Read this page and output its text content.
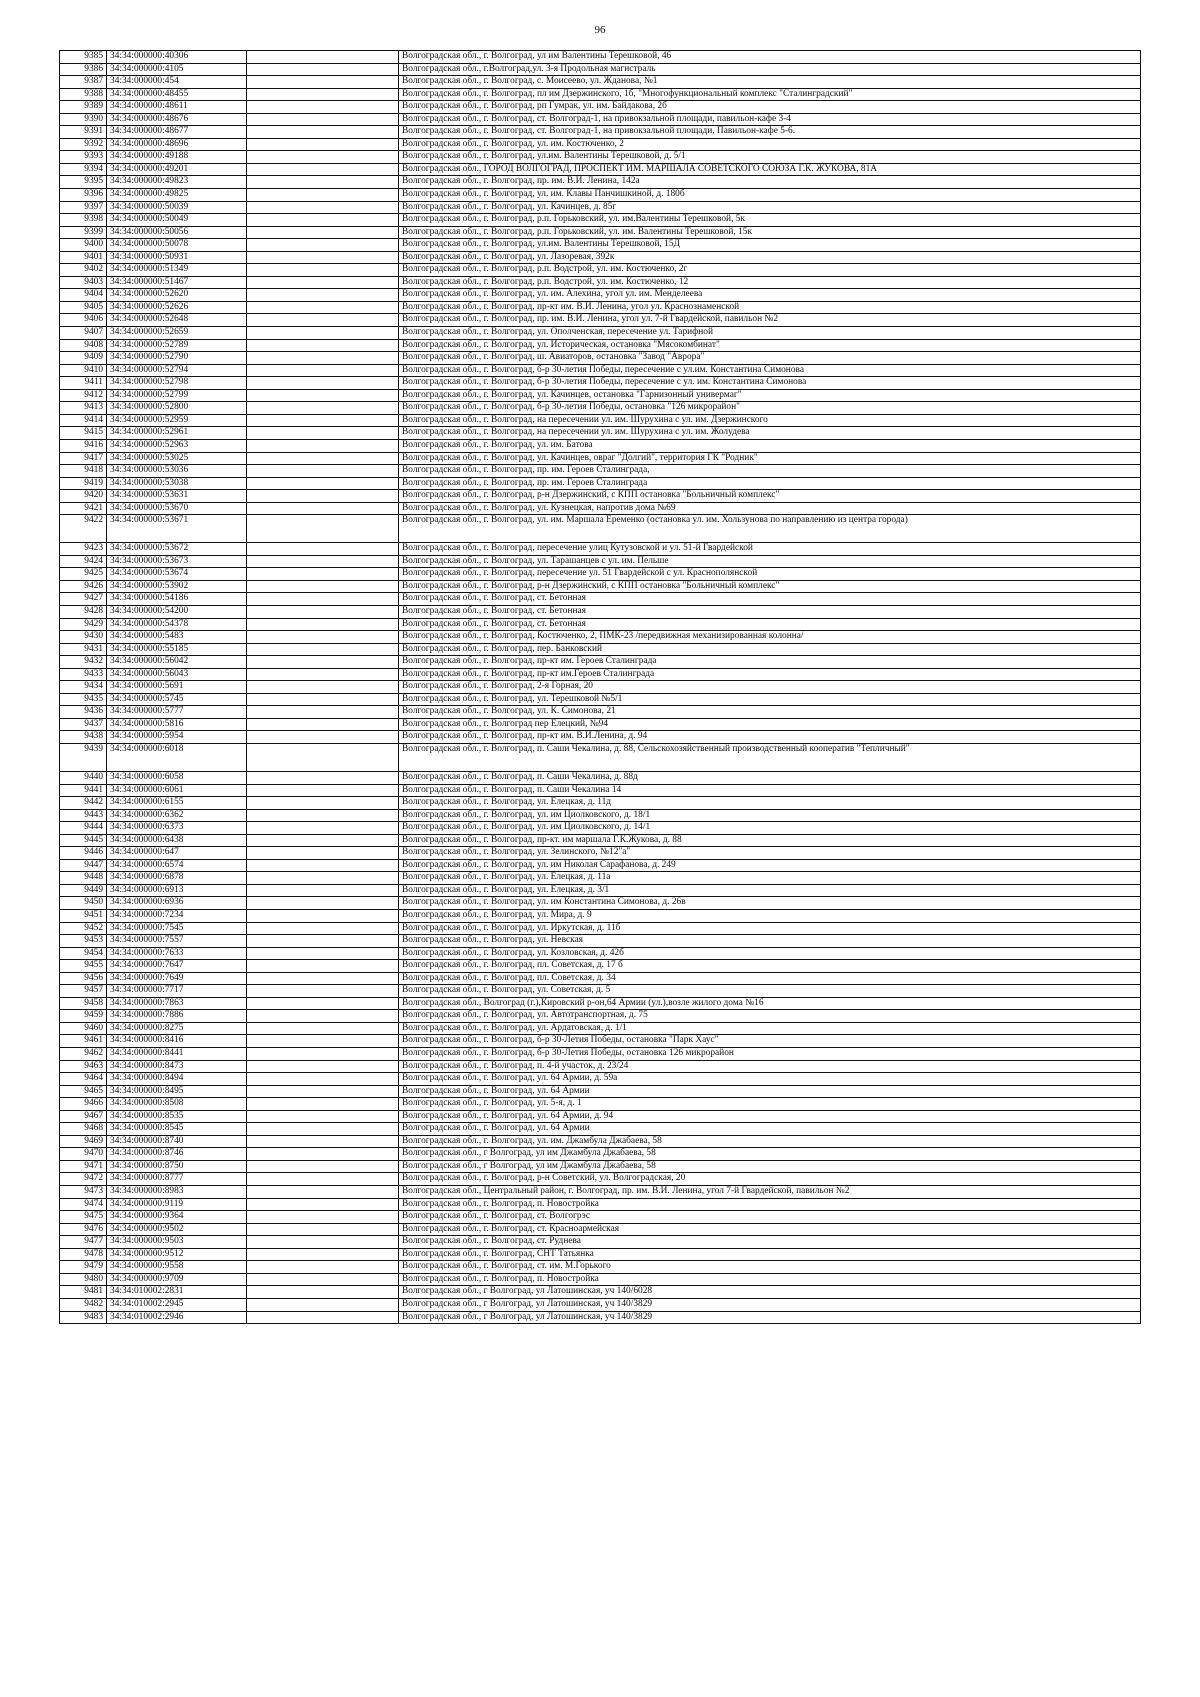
96
9385	34:34:000000:40306		Волгоградская обл., г. Волгоград, ул им Валентины Терешковой, 46
9386	34:34:000000:4105		Волгоградская обл., г.Волгоград,ул. 3-я Продольная магистраль
9387	34:34:000000:454		Волгоградская обл., г. Волгоград, с. Моисеево, ул. Жданова, №1
9388	34:34:000000:48455		Волгоградская обл., г. Волгоград, пл им Дзержинского, 1б, "Многофункциональный комплекс "Сталинградский"
9389	34:34:000000:48611		Волгоградская обл., г. Волгоград, рп Гумрак, ул. им. Байдакова, 2б
9390	34:34:000000:48676		Волгоградская обл., г. Волгоград, ст. Волгоград-1, на привокзальной площади, павильон-кафе 3-4
9391	34:34:000000:48677		Волгоградская обл., г. Волгоград, ст. Волгоград-1, на привокзальной площади, Павильон-кафе 5-6.
9392	34:34:000000:48696		Волгоградская обл., г. Волгоград, ул. им. Костюченко, 2
9393	34:34:000000:49188		Волгоградская обл., г. Волгоград, ул.им. Валентины Терешковой, д. 5/1
9394	34:34:000000:49201		Волгоградская обл., ГОРОД ВОЛГОГРАД, ПРОСПЕКТ ИМ. МАРШАЛА СОВЕТСКОГО СОЮЗА Г.К. ЖУКОВА, 81А
9395	34:34:000000:49823		Волгоградская обл., г. Волгоград, пр. им. В.И. Ленина, 142а
9396	34:34:000000:49825		Волгоградская обл., г. Волгоград, ул. им. Клавы Панчишкиной, д. 180б
9397	34:34:000000:50039		Волгоградская обл., г. Волгоград, ул. Качинцев, д. 85г
9398	34:34:000000:50049		Волгоградская обл., г. Волгоград, р.п. Горьковский, ул. им.Валентины Терешковой, 5к
9399	34:34:000000:50056		Волгоградская обл., г. Волгоград, р.п. Горьковский, ул. им. Валентины Терешковой, 15к
9400	34:34:000000:50078		Волгоградская обл., г. Волгоград, ул.им. Валентины Терешковой, 15Д
9401	34:34:000000:50931		Волгоградская обл., г. Волгоград, ул. Лазоревая, 392к
9402	34:34:000000:51349		Волгоградская обл., г. Волгоград, р.п. Водстрой, ул. им. Костюченко, 2г
9403	34:34:000000:51467		Волгоградская обл., г. Волгоград, р.п. Водстрой, ул. им. Костюченко, 12
9404	34:34:000000:52620		Волгоградская обл., г. Волгоград, ул. им. Алехина, угол ул. им. Менделеева
9405	34:34:000000:52626		Волгоградская обл., г. Волгоград, пр-кт им. В.И. Ленина, угол ул. Краснознаменской
9406	34:34:000000:52648		Волгоградская обл., г. Волгоград, пр. им. В.И. Ленина, угол ул. 7-й Гвардейской, павильон №2
9407	34:34:000000:52659		Волгоградская обл., г. Волгоград, ул. Ополченская, пересечение ул. Тарифной
9408	34:34:000000:52789		Волгоградская обл., г. Волгоград, ул. Историческая, остановка "Мясокомбинат"
9409	34:34:000000:52790		Волгоградская обл., г. Волгоград, ш. Авиаторов, остановка "Завод "Аврора"
9410	34:34:000000:52794		Волгоградская обл., г. Волгоград, б-р 30-летия Победы, пересечение с ул.им. Константина Симонова
9411	34:34:000000:52798		Волгоградская обл., г. Волгоград, б-р 30-летия Победы, пересечение с ул. им. Константина Симонова
9412	34:34:000000:52799		Волгоградская обл., г. Волгоград, ул. Качинцев, остановка "Гарнизонный универмаг"
9413	34:34:000000:52800		Волгоградская обл., г. Волгоград, б-р 30-летия Победы, остановка "126 микрорайон"
9414	34:34:000000:52959		Волгоградская обл., г. Волгоград, на пересечении ул. им. Шурухина с ул. им. Дзержинского
9415	34:34:000000:52961		Волгоградская обл., г. Волгоград, на пересечении ул. им. Шурухина с ул. им. Жолудева
9416	34:34:000000:52963		Волгоградская обл., г. Волгоград, ул. им. Батова
9417	34:34:000000:53025		Волгоградская обл., г. Волгоград, ул. Качинцев, овраг "Долгий", территория ГК "Родник"
9418	34:34:000000:53036		Волгоградская обл., г. Волгоград, пр. им. Героев Сталинграда,
9419	34:34:000000:53038		Волгоградская обл., г. Волгоград, пр. им. Героев Сталинграда
9420	34:34:000000:53631		Волгоградская обл., г. Волгоград, р-н Дзержинский, с КПП остановка "Больничный комплекс"
9421	34:34:000000:53670		Волгоградская обл., г. Волгоград, ул. Кузнецкая, напротив дома №69
9422	34:34:000000:53671		Волгоградская обл., г. Волгоград, ул. им. Маршала Еременко (остановка ул. им. Хользунова по направлению из центра города)
9423	34:34:000000:53672		Волгоградская обл., г. Волгоград, пересечение улиц Кутузовской и ул. 51-й Гвардейской
9424	34:34:000000:53673		Волгоградская обл., г. Волгоград, ул. Тарашанцев с ул. им. Пельше
9425	34:34:000000:53674		Волгоградская обл., г. Волгоград, пересечение ул. 51 Гвардейской с ул. Краснополянской
9426	34:34:000000:53902		Волгоградская обл., г. Волгоград, р-н Дзержинский, с КПП остановка "Больничный комплекс"
9427	34:34:000000:54186		Волгоградская обл., г. Волгоград, ст. Бетонная
9428	34:34:000000:54200		Волгоградская обл., г. Волгоград, ст. Бетонная
9429	34:34:000000:54378		Волгоградская обл., г. Волгоград, ст. Бетонная
9430	34:34:000000:5483		Волгоградская обл., г. Волгоград, Костюченко, 2, ПМК-23 /передвижная механизированная колонна/
9431	34:34:000000:55185		Волгоградская обл., г. Волгоград, пер. Банковский
9432	34:34:000000:56042		Волгоградская обл., г. Волгоград, пр-кт им. Героев Сталинграда
9433	34:34:000000:56043		Волгоградская обл., г. Волгоград, пр-кт им.Героев Сталинграда
9434	34:34:000000:5691		Волгоградская обл., г. Волгоград, 2-я Горная, 20
9435	34:34:000000:5745		Волгоградская обл., г. Волгоград, ул. Терешковой №5/1
9436	34:34:000000:5777		Волгоградская обл., г. Волгоград, ул. К. Симонова, 21
9437	34:34:000000:5816		Волгоградская обл., г. Волгоград пер Елецкий, №94
9438	34:34:000000:5954		Волгоградская обл., г. Волгоград, пр-кт им. В.И.Ленина, д. 94
9439	34:34:000000:6018		Волгоградская обл., г. Волгоград, п. Саши Чекалина, д. 88, Сельскохозяйственный производственный кооператив "Тепличный"
9440	34:34:000000:6058		Волгоградская обл., г. Волгоград, п. Саши Чекалина, д. 88д
9441	34:34:000000:6061		Волгоградская обл., г. Волгоград, п. Саши Чекалина 14
9442	34:34:000000:6155		Волгоградская обл., г. Волгоград, ул. Елецкая, д. 11д
9443	34:34:000000:6362		Волгоградская обл., г. Волгоград, ул. им Циолковского, д. 18/1
9444	34:34:000000:6373		Волгоградская обл., г. Волгоград, ул. им Циолковского, д. 14/1
9445	34:34:000000:6438		Волгоградская обл., г. Волгоград, пр-кт. им маршала Г.К.Жукова, д. 88
9446	34:34:000000:647		Волгоградская обл., г. Волгоград, ул. Зелинского, №12"а"
9447	34:34:000000:6574		Волгоградская обл., г. Волгоград, ул. им Николая Сарафанова, д. 249
9448	34:34:000000:6878		Волгоградская обл., г. Волгоград, ул. Елецкая, д. 11а
9449	34:34:000000:6913		Волгоградская обл., г. Волгоград, ул. Елецкая, д. 3/1
9450	34:34:000000:6936		Волгоградская обл., г. Волгоград, ул. им Константина Симонова, д. 26в
9451	34:34:000000:7234		Волгоградская обл., г. Волгоград, ул. Мира, д. 9
9452	34:34:000000:7545		Волгоградская обл., г. Волгоград, ул. Иркутская, д. 11б
9453	34:34:000000:7557		Волгоградская обл., г. Волгоград, ул. Невская
9454	34:34:000000:7633		Волгоградская обл., г. Волгоград, ул. Козловская, д. 42б
9455	34:34:000000:7647		Волгоградская обл., г. Волгоград, пл. Советская, д. 17 б
9456	34:34:000000:7649		Волгоградская обл., г. Волгоград, пл. Советская, д. 34
9457	34:34:000000:7717		Волгоградская обл., г. Волгоград, ул. Советская, д. 5
9458	34:34:000000:7863		Волгоградская обл., Волгоград (г.),Кировский р-он,64 Армии (ул.),возле жилого дома №16
9459	34:34:000000:7886		Волгоградская обл., г. Волгоград, ул. Автотранспортная, д. 75
9460	34:34:000000:8275		Волгоградская обл., г. Волгоград, ул. Ардатовская, д. 1/1
9461	34:34:000000:8416		Волгоградская обл., г. Волгоград, б-р 30-Летия Победы, остановка "Парк Хаус"
9462	34:34:000000:8441		Волгоградская обл., г. Волгоград, б-р 30-Летия Победы, остановка 126 микрорайон
9463	34:34:000000:8473		Волгоградская обл., г. Волгоград, п. 4-й участок, д. 23/24
9464	34:34:000000:8494		Волгоградская обл., г. Волгоград, ул. 64 Армии, д. 59а
9465	34:34:000000:8495		Волгоградская обл., г. Волгоград, ул. 64 Армии
9466	34:34:000000:8508		Волгоградская обл., г. Волгоград, ул. 5-я, д. 1
9467	34:34:000000:8535		Волгоградская обл., г. Волгоград, ул. 64 Армии, д. 94
9468	34:34:000000:8545		Волгоградская обл., г. Волгоград, ул. 64 Армии
9469	34:34:000000:8740		Волгоградская обл., г. Волгоград, ул. им. Джамбула Джабаева, 58
9470	34:34:000000:8746		Волгоградская обл., г Волгоград, ул им Джамбула Джабаева, 58
9471	34:34:000000:8750		Волгоградская обл., г Волгоград, ул им Джамбула Джабаева, 58
9472	34:34:000000:8777		Волгоградская обл., г. Волгоград, р-н Советский, ул. Волгоградская, 20
9473	34:34:000000:8983		Волгоградская обл., Центральный район, г. Волгоград, пр. им. В.И. Ленина, угол 7-й Гвардейской, павильон №2
9474	34:34:000000:9119		Волгоградская обл., г. Волгоград, п. Новостройка
9475	34:34:000000:9364		Волгоградская обл., г. Волгоград, ст. Волгогрэс
9476	34:34:000000:9502		Волгоградская обл., г. Волгоград, ст. Красноармейская
9477	34:34:000000:9503		Волгоградская обл., г. Волгоград, ст. Руднева
9478	34:34:000000:9512		Волгоградская обл., г. Волгоград, СНТ Татьянка
9479	34:34:000000:9558		Волгоградская обл., г. Волгоград, ст. им. М.Горького
9480	34:34:000000:9709		Волгоградская обл., г. Волгоград, п. Новостройка
9481	34:34:010002:2831		Волгоградская обл., г Волгоград, ул Латошинская, уч 140/6028
9482	34:34:010002:2945		Волгоградская обл., г Волгоград, ул Латошинская, уч 140/3829
9483	34:34:010002:2946		Волгоградская обл., г Волгоград, ул Латошинская, уч 140/3829
